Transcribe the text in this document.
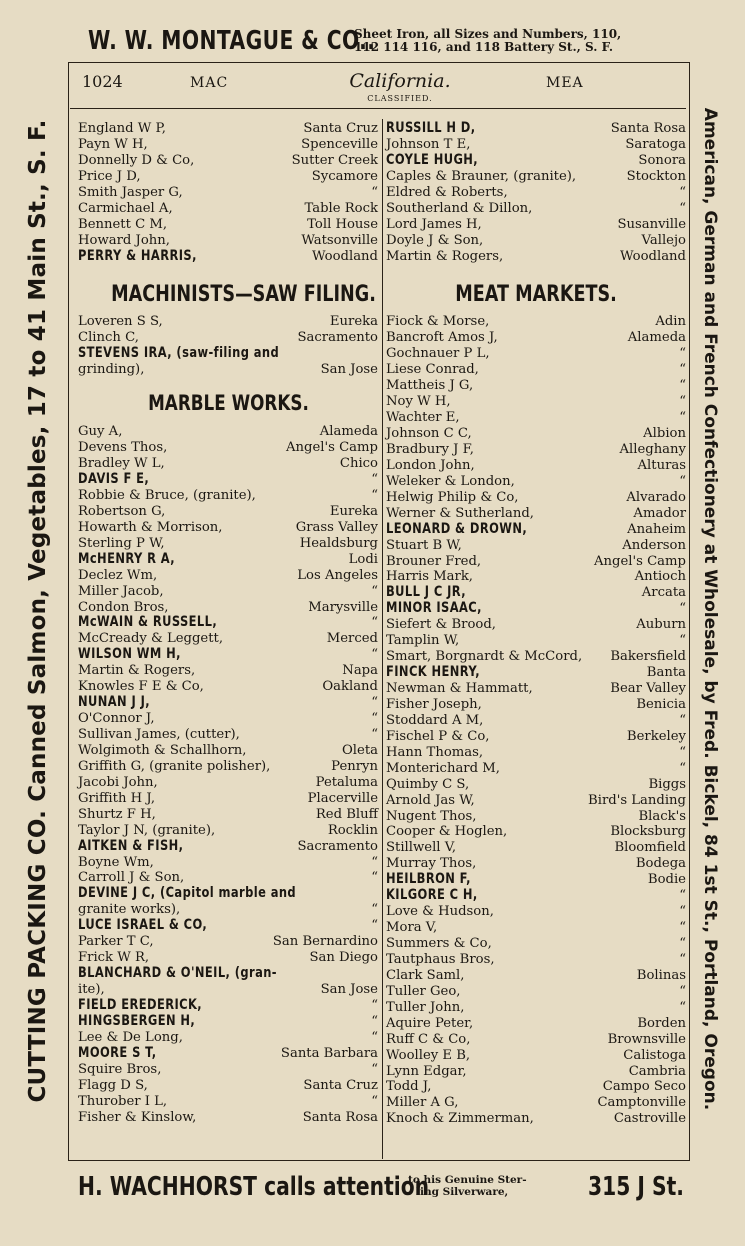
CUTTING PACKING CO. Canned Salmon, Vegetables, 17 to 41 Main St., S. F.
W. W. MONTAGUE & CO..
Sheet Iron, all Sizes and Numbers, 110,
112 114 116, and 118 Battery St., S. F.
1024	MAC	California.
CLASSIFIED.
MEA
England W P,	Santa Cruz
Payn W H,	Spenceville
Donnelly D & Co,	Sutter Creek
Price J D,	Sycamore
Smith Jasper G,	“
Carmichael A,	Table Rock
Bennett C M,	Toll House
Howard John,	Watsonville
PERRY & HARRIS,	Woodland
MACHINISTS—SAW FILING.
Loveren S S,	Eureka
Clinch C,	Sacramento
STEVENS IRA, (saw-filing and
grinding),	San Jose
MARBLE WORKS.
Guy A,	Alameda
Devens Thos,	Angel's Camp
Bradley W L,	Chico
DAVIS F E,	“
Robbie & Bruce, (granite),	“
Robertson G,	Eureka
Howarth & Morrison,	Grass Valley
Sterling P W,	Healdsburg
McHENRY R A,	Lodi
Declez Wm,	Los Angeles
Miller Jacob,	“
Condon Bros,	Marysville
McWAIN & RUSSELL,	“
McCready & Leggett,	Merced
WILSON WM H,	“
Martin & Rogers,	Napa
Knowles F E & Co,	Oakland
NUNAN J J,	“
O'Connor J,	“
Sullivan James, (cutter),	“
Wolgimoth & Schallhorn,	Oleta
Griffith G, (granite polisher),	Penryn
Jacobi John,	Petaluma
Griffith H J,	Placerville
Shurtz F H,	Red Bluff
Taylor J N, (granite),	Rocklin
AITKEN & FISH,	Sacramento
Boyne Wm,	“
Carroll J & Son,	“
DEVINE J C, (Capitol marble and
granite works),	“
LUCE ISRAEL & CO,	“
Parker T C,	San Bernardino
Frick W R,	San Diego
BLANCHARD & O'NEIL, (gran-
ite),	San Jose
FIELD EREDERICK,	“
HINGSBERGEN H,	“
Lee & De Long,	“
MOORE S T,	Santa Barbara
Squire Bros,	“
Flagg D S,	Santa Cruz
Thurober I L,	“
Fisher & Kinslow,	Santa Rosa
RUSSILL H D,	Santa Rosa
Johnson T E,	Saratoga
COYLE HUGH,	Sonora
Caples & Brauner, (granite),	Stockton
Eldred & Roberts,	“
Southerland & Dillon,	“
Lord James H,	Susanville
Doyle J & Son,	Vallejo
Martin & Rogers,	Woodland
MEAT MARKETS.
Fiock & Morse,	Adin
Bancroft Amos J,	Alameda
Gochnauer P L,	“
Liese Conrad,	“
Mattheis J G,	“
Noy W H,	“
Wachter E,	“
Johnson C C,	Albion
Bradbury J F,	Alleghany
London John,	Alturas
Weleker & London,	“
Helwig Philip & Co,	Alvarado
Werner & Sutherland,	Amador
LEONARD & DROWN,	Anaheim
Stuart B W,	Anderson
Brouner Fred,	Angel's Camp
Harris Mark,	Antioch
BULL J C JR,	Arcata
MINOR ISAAC,	“
Siefert & Brood,	Auburn
Tamplin W,	“
Smart, Borgnardt & McCord, Bakersfield
FINCK HENRY,	Banta
Newman & Hammatt,	Bear Valley
Fisher Joseph,	Benicia
Stoddard A M,	“
Fischel P & Co,	Berkeley
Hann Thomas,	“
Monterichard M,	“
Quimby C S,	Biggs
Arnold Jas W,	Bird's Landing
Nugent Thos,	Black's
Cooper & Hoglen,	Blocksburg
Stillwell V,	Bloomfield
Murray Thos,	Bodega
HEILBRON F,	Bodie
KILGORE C H,	“
Love & Hudson,	“
Mora V,	“
Summers & Co,	“
Tautphaus Bros,	“
Clark Saml,	Bolinas
Tuller Geo,	“
Tuller John,	“
Aquire Peter,	Borden
Ruff C & Co,	Brownsville
Woolley E B,	Calistoga
Lynn Edgar,	Cambria
Todd J,	Campo Seco
Miller A G,	Camptonville
Knoch & Zimmerman,	Castroville
American, German and French Confectionery at Wholesale, by Fred. Bickel, 84 1st St., Portland, Oregon.
H. WACHHORST calls attention
to his Genuine Ster-
ling Silverware,	315 J St.
